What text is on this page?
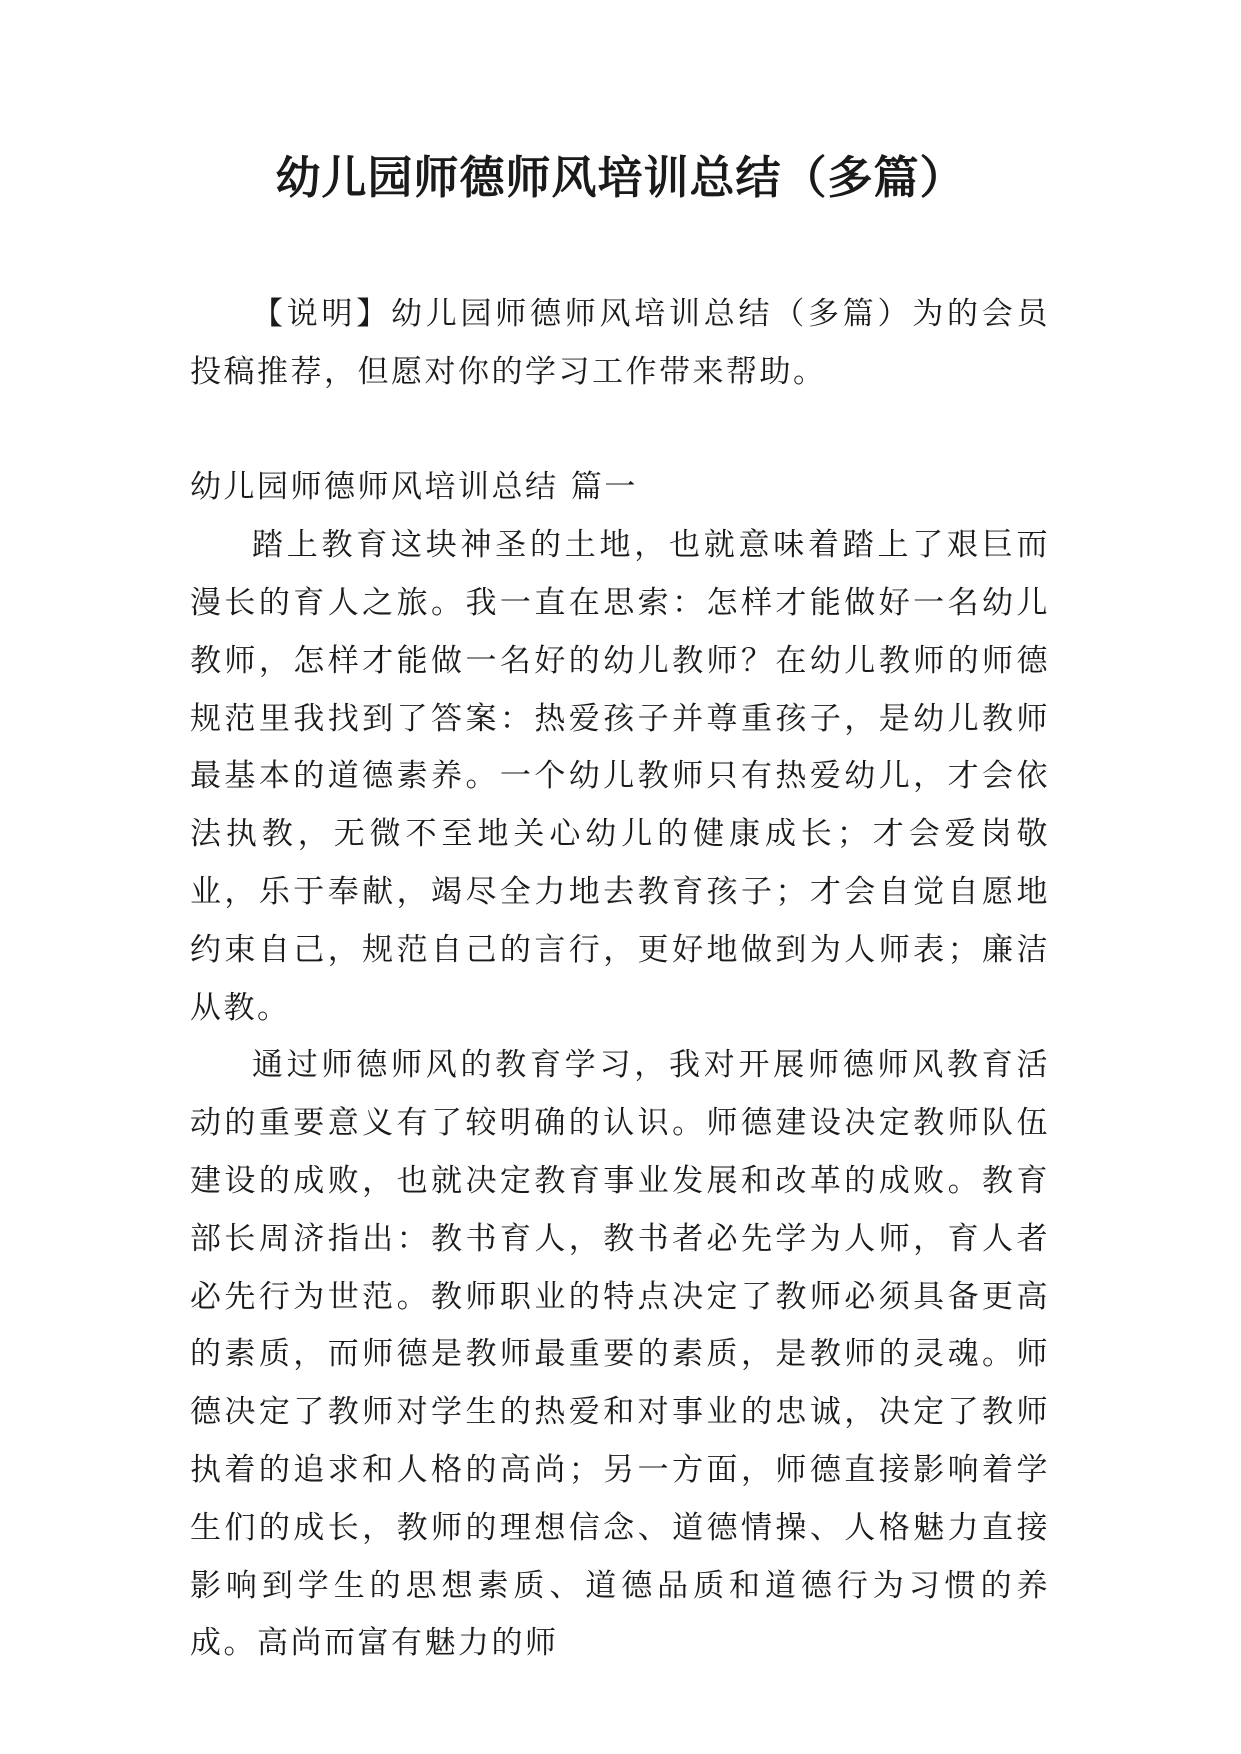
幼儿园师德师风培训总结（多篇）

【说明】幼儿园师德师风培训总结（多篇）为的会员投稿推荐，但愿对你的学习工作带来帮助。

幼儿园师德师风培训总结 篇一

踏上教育这块神圣的土地，也就意味着踏上了艰巨而漫长的育人之旅。我一直在思索：怎样才能做好一名幼儿教师，怎样才能做一名好的幼儿教师？在幼儿教师的师德规范里我找到了答案：热爱孩子并尊重孩子，是幼儿教师最基本的道德素养。一个幼儿教师只有热爱幼儿，才会依法执教，无微不至地关心幼儿的健康成长；才会爱岗敬业，乐于奉献，竭尽全力地去教育孩子；才会自觉自愿地约束自己，规范自己的言行，更好地做到为人师表；廉洁从教。

通过师德师风的教育学习，我对开展师德师风教育活动的重要意义有了较明确的认识。师德建设决定教师队伍建设的成败，也就决定教育事业发展和改革的成败。教育部长周济指出：教书育人，教书者必先学为人师，育人者必先行为世范。教师职业的特点决定了教师必须具备更高的素质，而师德是教师最重要的素质，是教师的灵魂。师德决定了教师对学生的热爱和对事业的忠诚，决定了教师执着的追求和人格的高尚；另一方面，师德直接影响着学生们的成长，教师的理想信念、道德情操、人格魅力直接影响到学生的思想素质、道德品质和道德行为习惯的养成。高尚而富有魅力的师
